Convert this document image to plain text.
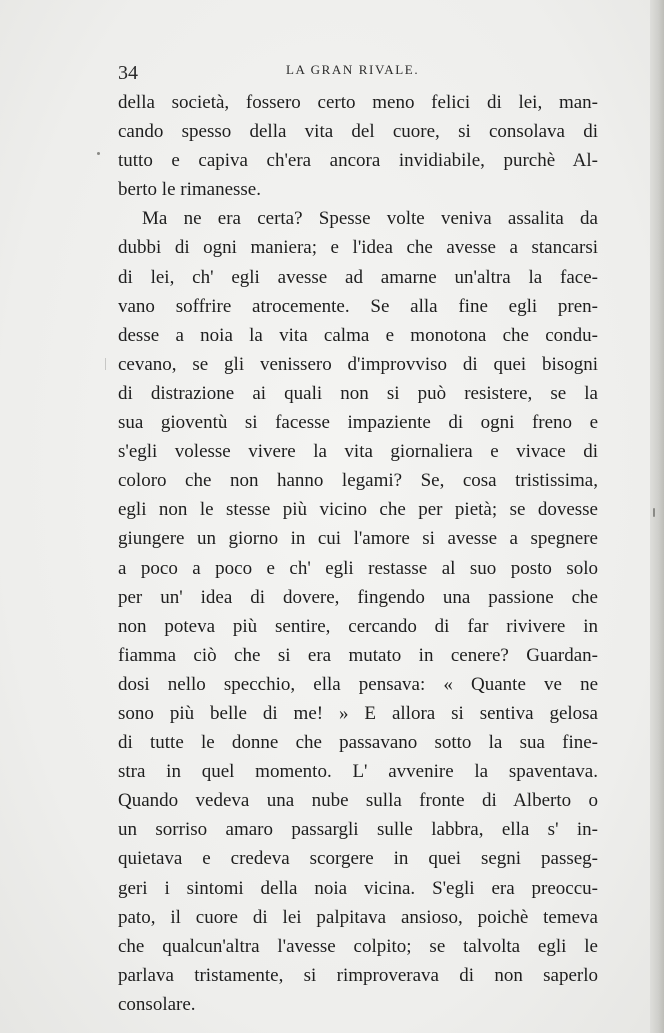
34	LA GRAN RIVALE.
della società, fossero certo meno felici di lei, man-
cando spesso della vita del cuore, si consolava di
tutto e capiva ch'era ancora invidiabile, purchè Al-
berto le rimanesse.
Ma ne era certa? Spesse volte veniva assalita da
dubbi di ogni maniera; e l'idea che avesse a stancarsi
di lei, ch' egli avesse ad amarne un'altra la face-
vano soffrire atrocemente. Se alla fine egli pren-
desse a noia la vita calma e monotona che condu-
cevano, se gli venissero d'improvviso di quei bisogni
di distrazione ai quali non si può resistere, se la
sua gioventù si facesse impaziente di ogni freno e
s'egli volesse vivere la vita giornaliera e vivace di
coloro che non hanno legami? Se, cosa tristissima,
egli non le stesse più vicino che per pietà; se dovesse
giungere un giorno in cui l'amore si avesse a spegnere
a poco a poco e ch' egli restasse al suo posto solo
per un' idea di dovere, fingendo una passione che
non poteva più sentire, cercando di far rivivere in
fiamma ciò che si era mutato in cenere? Guardan-
dosi nello specchio, ella pensava: « Quante ve ne
sono più belle di me! » E allora si sentiva gelosa
di tutte le donne che passavano sotto la sua fine-
stra in quel momento. L' avvenire la spaventava.
Quando vedeva una nube sulla fronte di Alberto o
un sorriso amaro passargli sulle labbra, ella s' in-
quietava e credeva scorgere in quei segni passeg-
geri i sintomi della noia vicina. S'egli era preoccu-
pato, il cuore di lei palpitava ansioso, poichè temeva
che qualcun'altra l'avesse colpito; se talvolta egli le
parlava tristamente, si rimproverava di non saperlo
consolare.
